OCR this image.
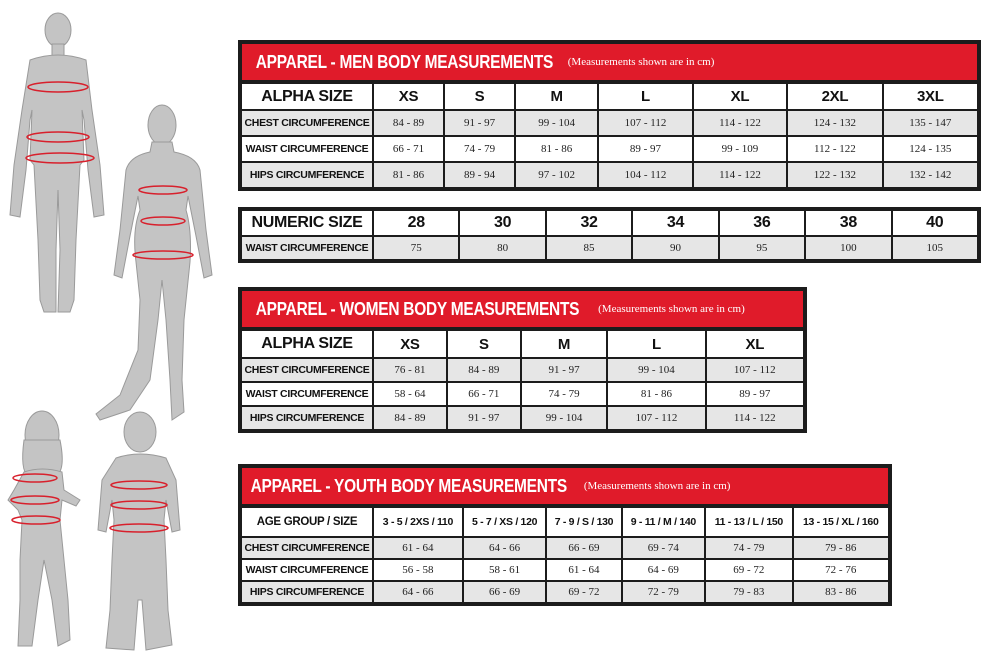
APPAREL - MEN BODY MEASUREMENTS (Measurements shown are in cm)
ALPHA SIZE	XS	S	M	L	XL	2XL	3XL
CHEST CIRCUMFERENCE	84 - 89	91 - 97	99 - 104	107 - 112	114 - 122	124 - 132	135 - 147
WAIST CIRCUMFERENCE	66 - 71	74 - 79	81 - 86	89 - 97	99 - 109	112 - 122	124 - 135
HIPS CIRCUMFERENCE	81 - 86	89 - 94	97 - 102	104 - 112	114 - 122	122 - 132	132 - 142
NUMERIC SIZE	28	30	32	34	36	38	40
WAIST CIRCUMFERENCE	75	80	85	90	95	100	105
APPAREL - WOMEN BODY MEASUREMENTS (Measurements shown are in cm)
ALPHA SIZE	XS	S	M	L	XL
CHEST CIRCUMFERENCE	76 - 81	84 - 89	91 - 97	99 - 104	107 - 112
WAIST CIRCUMFERENCE	58 - 64	66 - 71	74 - 79	81 - 86	89 - 97
HIPS CIRCUMFERENCE	84 - 89	91 - 97	99 - 104	107 - 112	114 - 122
APPAREL - YOUTH BODY MEASUREMENTS (Measurements shown are in cm)
AGE GROUP / SIZE	3 - 5 / 2XS / 110	5 - 7 / XS / 120	7 - 9 / S / 130	9 - 11 / M / 140	11 - 13 / L / 150	13 - 15 / XL / 160
CHEST CIRCUMFERENCE	61 - 64	64 - 66	66 - 69	69 - 74	74 - 79	79 - 86
WAIST CIRCUMFERENCE	56 - 58	58 - 61	61 - 64	64 - 69	69 - 72	72 - 76
HIPS CIRCUMFERENCE	64 - 66	66 - 69	69 - 72	72 - 79	79 - 83	83 - 86
